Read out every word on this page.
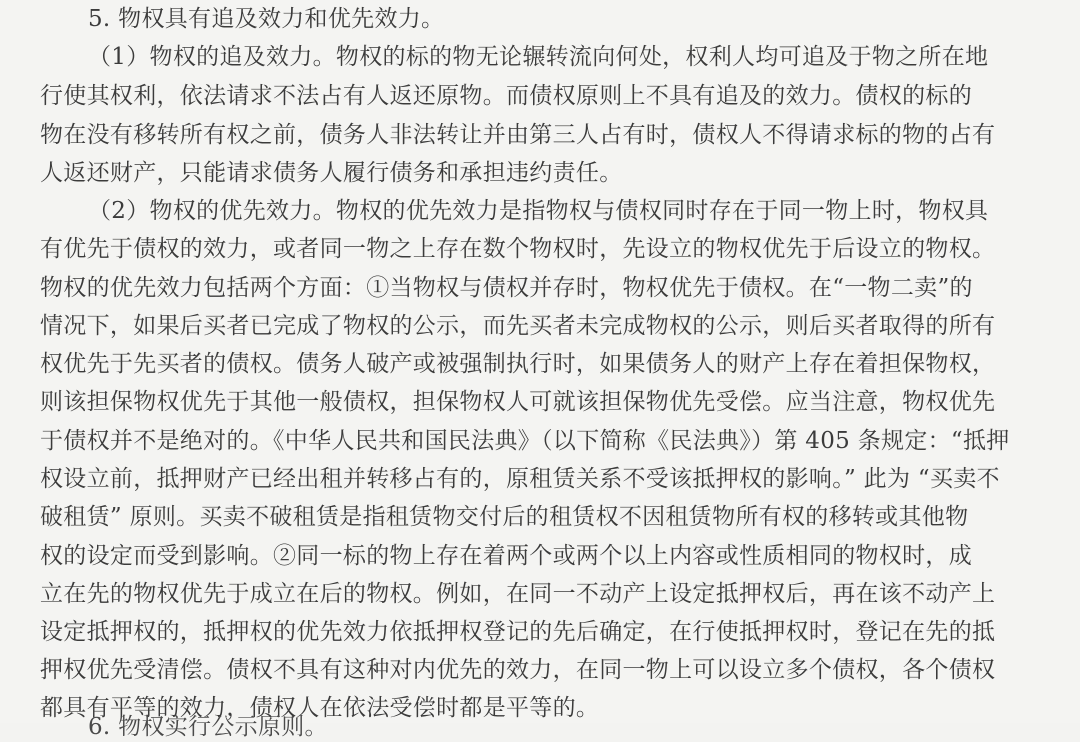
5. 物权具有追及效力和优先效力。
（1）物权的追及效力。物权的标的物无论辗转流向何处，权利人均可追及于物之所在地
行使其权利，依法请求不法占有人返还原物。而债权原则上不具有追及的效力。债权的标的
物在没有移转所有权之前，债务人非法转让并由第三人占有时，债权人不得请求标的物的占有
人返还财产，只能请求债务人履行债务和承担违约责任。
（2）物权的优先效力。物权的优先效力是指物权与债权同时存在于同一物上时，物权具
有优先于债权的效力，或者同一物之上存在数个物权时，先设立的物权优先于后设立的物权。
物权的优先效力包括两个方面：①当物权与债权并存时，物权优先于债权。在“一物二卖”的
情况下，如果后买者已完成了物权的公示，而先买者未完成物权的公示，则后买者取得的所有
权优先于先买者的债权。债务人破产或被强制执行时，如果债务人的财产上存在着担保物权，
则该担保物权优先于其他一般债权，担保物权人可就该担保物优先受偿。应当注意，物权优先
于债权并不是绝对的。《中华人民共和国民法典》（以下简称《民法典》）第 405 条规定：“抵押
权设立前，抵押财产已经出租并转移占有的，原租赁关系不受该抵押权的影响。” 此为 “买卖不
破租赁” 原则。买卖不破租赁是指租赁物交付后的租赁权不因租赁物所有权的移转或其他物
权的设定而受到影响。②同一标的物上存在着两个或两个以上内容或性质相同的物权时，成
立在先的物权优先于成立在后的物权。例如，在同一不动产上设定抵押权后，再在该不动产上
设定抵押权的，抵押权的优先效力依抵押权登记的先后确定，在行使抵押权时，登记在先的抵
押权优先受清偿。债权不具有这种对内优先的效力，在同一物上可以设立多个债权，各个债权
都具有平等的效力，债权人在依法受偿时都是平等的。
6. 物权实行公示原则。
